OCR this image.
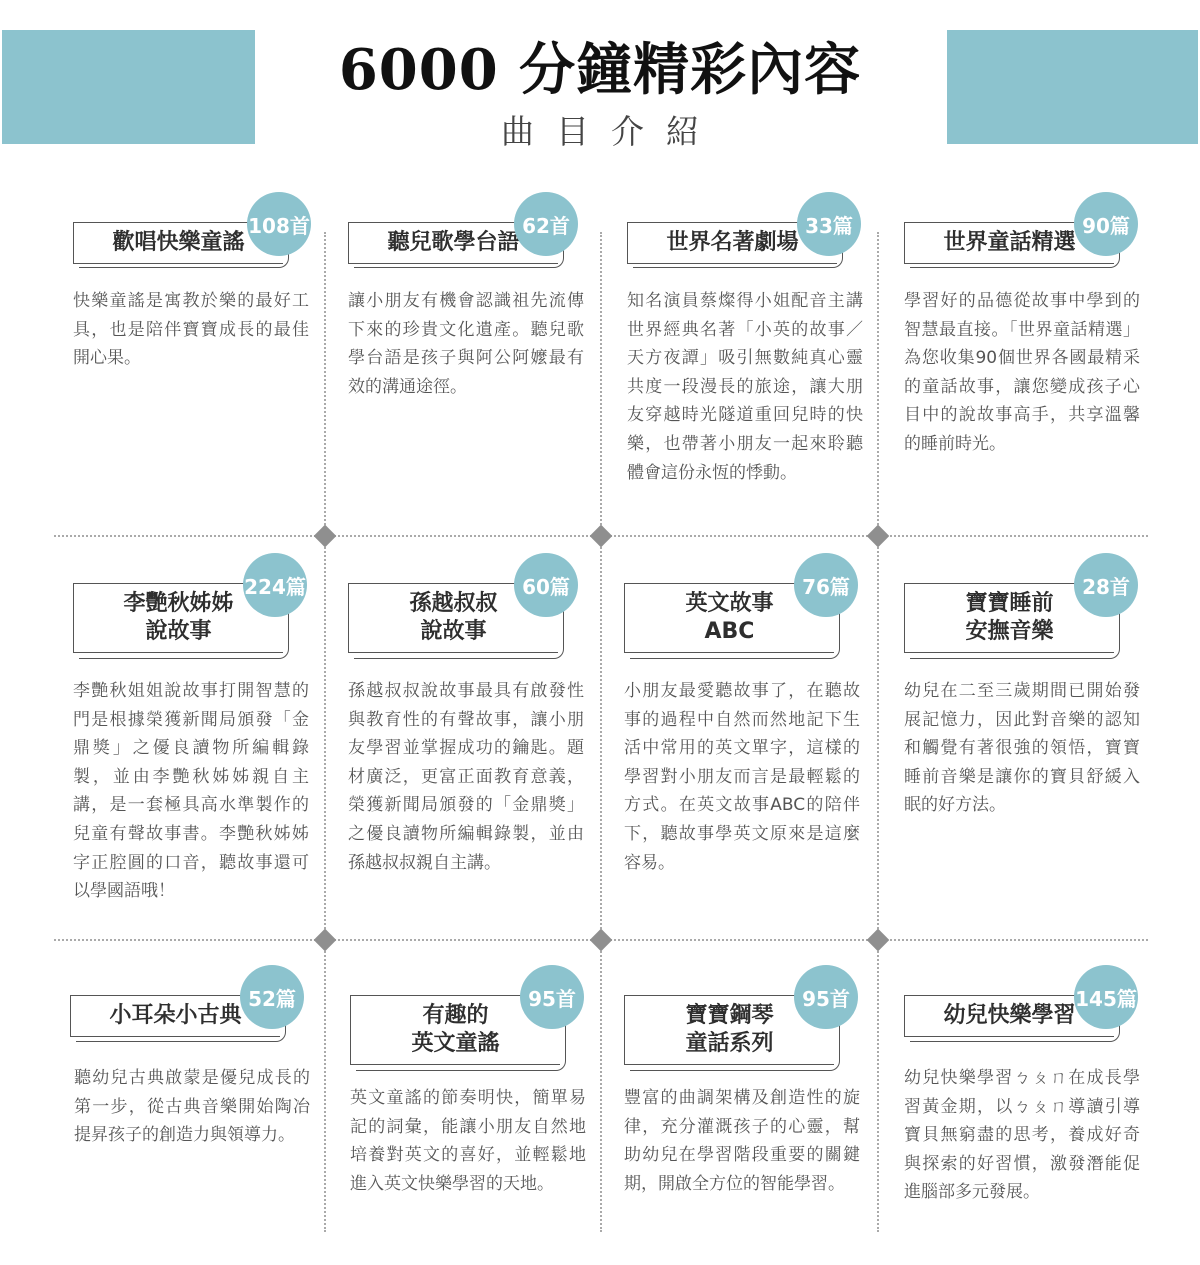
6000 分鐘精彩內容
曲目介紹
歡唱快樂童謠
108首
快樂童謠是寓教於樂的最好工具，也是陪伴寶寶成長的最佳開心果。
聽兒歌學台語
62首
讓小朋友有機會認識祖先流傳下來的珍貴文化遺產。聽兒歌學台語是孩子與阿公阿嬤最有效的溝通途徑。
世界名著劇場
33篇
知名演員蔡燦得小姐配音主講世界經典名著「小英的故事／天方夜譚」吸引無數純真心靈共度一段漫長的旅途，讓大朋友穿越時光隧道重回兒時的快樂，也帶著小朋友一起來聆聽體會這份永恆的悸動。
世界童話精選
90篇
學習好的品德從故事中學到的智慧最直接。「世界童話精選」為您收集90個世界各國最精采的童話故事，讓您變成孩子心目中的說故事高手，共享溫馨的睡前時光。
李艷秋姊姊
說故事
224篇
李艷秋姐姐說故事打開智慧的門是根據榮獲新聞局頒發「金鼎獎」之優良讀物所編輯錄製，並由李艷秋姊姊親自主講，是一套極具高水準製作的兒童有聲故事書。李艷秋姊姊字正腔圓的口音，聽故事還可以學國語哦！
孫越叔叔
說故事
60篇
孫越叔叔說故事最具有啟發性與教育性的有聲故事，讓小朋友學習並掌握成功的鑰匙。題材廣泛，更富正面教育意義，榮獲新聞局頒發的「金鼎獎」之優良讀物所編輯錄製，並由孫越叔叔親自主講。
英文故事
ABC
76篇
小朋友最愛聽故事了，在聽故事的過程中自然而然地記下生活中常用的英文單字，這樣的學習對小朋友而言是最輕鬆的方式。在英文故事ABC的陪伴下，聽故事學英文原來是這麼容易。
寶寶睡前
安撫音樂
28首
幼兒在二至三歲期間已開始發展記憶力，因此對音樂的認知和觸覺有著很強的領悟，寶寶睡前音樂是讓你的寶貝舒緩入眠的好方法。
小耳朵小古典
52篇
聽幼兒古典啟蒙是優兒成長的第一步，從古典音樂開始陶冶提昇孩子的創造力與領導力。
有趣的
英文童謠
95首
英文童謠的節奏明快，簡單易記的詞彙，能讓小朋友自然地培養對英文的喜好，並輕鬆地進入英文快樂學習的天地。
寶寶鋼琴
童話系列
95首
豐富的曲調架構及創造性的旋律，充分灌溉孩子的心靈，幫助幼兒在學習階段重要的關鍵期，開啟全方位的智能學習。
幼兒快樂學習
145篇
幼兒快樂學習ㄅㄆㄇ在成長學習黃金期，以ㄅㄆㄇ導讀引導寶貝無窮盡的思考，養成好奇與探索的好習慣，激發潛能促進腦部多元發展。
